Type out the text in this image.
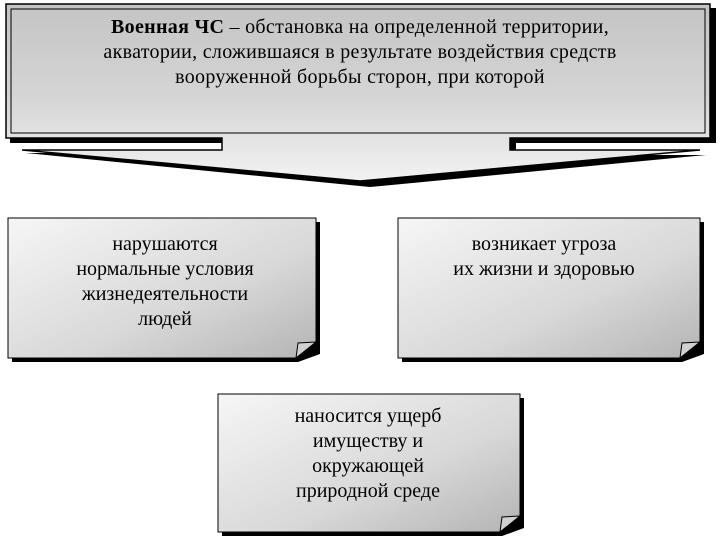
Военная ЧС – обстановка на определенной территории,
акватории, сложившаяся в результате воздействия средств
вооруженной борьбы сторон, при которой
нарушаются
нормальные условия
жизнедеятельности
людей
возникает угроза
их жизни и здоровью
наносится ущерб
имуществу и
окружающей
природной среде
